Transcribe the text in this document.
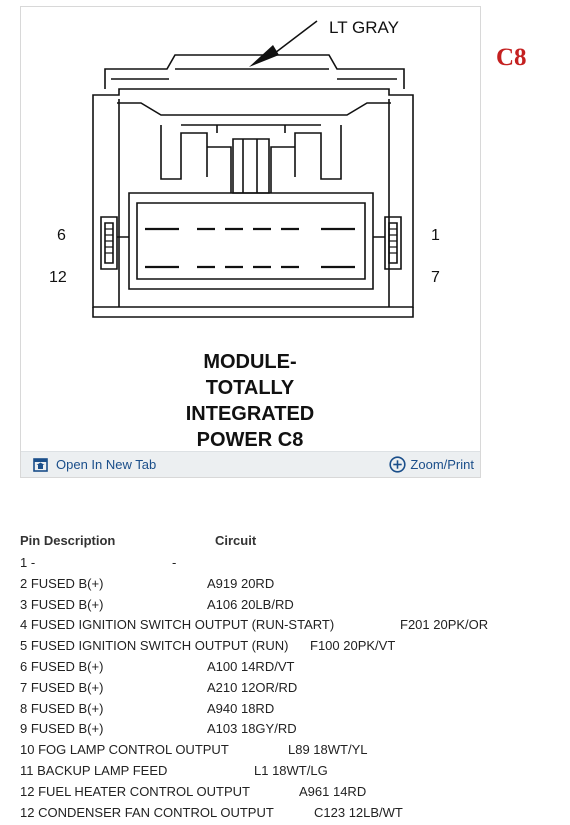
LT GRAY
6
12
1
7
MODULE-
TOTALLY
INTEGRATED
POWER C8
Open In New Tab	Zoom/Print
C8
Pin Description	Circuit
1 -	-
2 FUSED B(+)	A919 20RD
3 FUSED B(+)	A106 20LB/RD
4 FUSED IGNITION SWITCH OUTPUT (RUN-START)	F201 20PK/OR
5 FUSED IGNITION SWITCH OUTPUT (RUN) F100 20PK/VT
6 FUSED B(+)	A100 14RD/VT
7 FUSED B(+)	A210 12OR/RD
8 FUSED B(+)	A940 18RD
9 FUSED B(+)	A103 18GY/RD
10 FOG LAMP CONTROL OUTPUT	L89 18WT/YL
11 BACKUP LAMP FEED	L1 18WT/LG
12 FUEL HEATER CONTROL OUTPUT	A961 14RD
12 CONDENSER FAN CONTROL OUTPUT	C123 12LB/WT
